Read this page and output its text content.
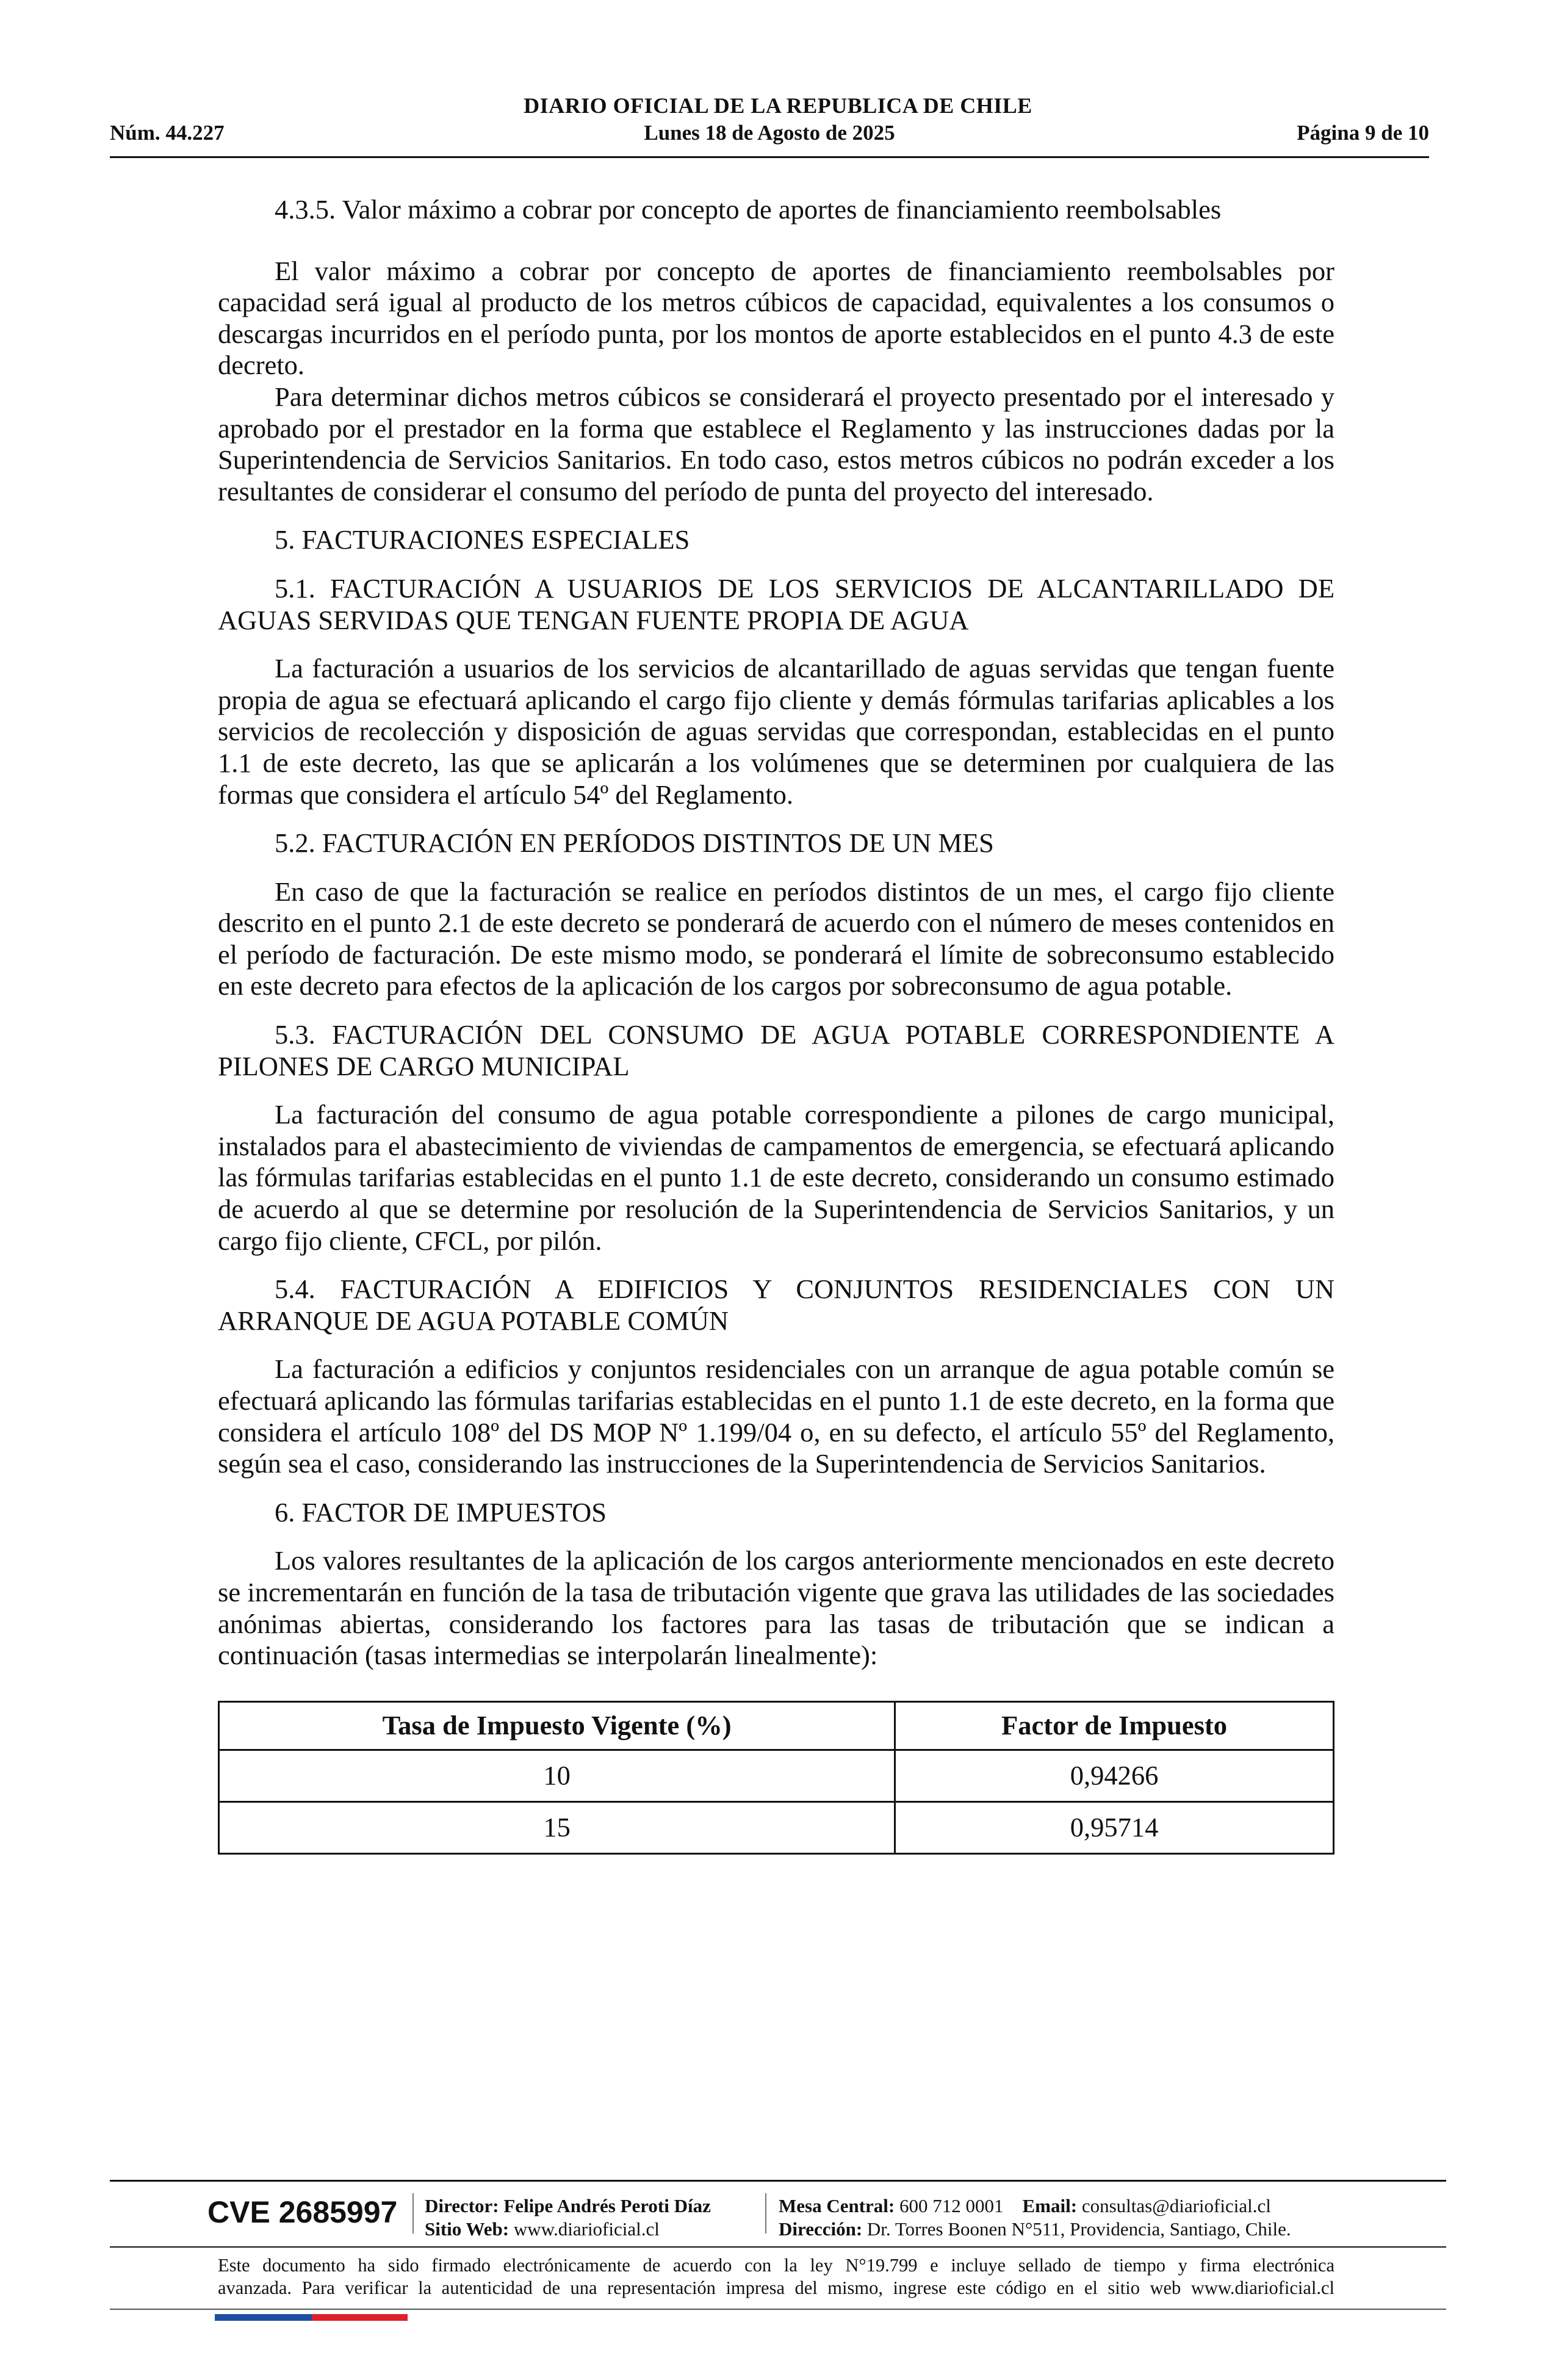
DIARIO OFICIAL DE LA REPUBLICA DE CHILE
Lunes 18 de Agosto de 2025
Núm. 44.227	Página 9 de 10

4.3.5. Valor máximo a cobrar por concepto de aportes de financiamiento reembolsables

El valor máximo a cobrar por concepto de aportes de financiamiento reembolsables por capacidad será igual al producto de los metros cúbicos de capacidad, equivalentes a los consumos o descargas incurridos en el período punta, por los montos de aporte establecidos en el punto 4.3 de este decreto.

Para determinar dichos metros cúbicos se considerará el proyecto presentado por el interesado y aprobado por el prestador en la forma que establece el Reglamento y las instrucciones dadas por la Superintendencia de Servicios Sanitarios. En todo caso, estos metros cúbicos no podrán exceder a los resultantes de considerar el consumo del período de punta del proyecto del interesado.

5. FACTURACIONES ESPECIALES

5.1. FACTURACIÓN A USUARIOS DE LOS SERVICIOS DE ALCANTARILLADO DE AGUAS SERVIDAS QUE TENGAN FUENTE PROPIA DE AGUA

La facturación a usuarios de los servicios de alcantarillado de aguas servidas que tengan fuente propia de agua se efectuará aplicando el cargo fijo cliente y demás fórmulas tarifarias aplicables a los servicios de recolección y disposición de aguas servidas que correspondan, establecidas en el punto 1.1 de este decreto, las que se aplicarán a los volúmenes que se determinen por cualquiera de las formas que considera el artículo 54º del Reglamento.

5.2. FACTURACIÓN EN PERÍODOS DISTINTOS DE UN MES

En caso de que la facturación se realice en períodos distintos de un mes, el cargo fijo cliente descrito en el punto 2.1 de este decreto se ponderará de acuerdo con el número de meses contenidos en el período de facturación. De este mismo modo, se ponderará el límite de sobreconsumo establecido en este decreto para efectos de la aplicación de los cargos por sobreconsumo de agua potable.

5.3. FACTURACIÓN DEL CONSUMO DE AGUA POTABLE CORRESPONDIENTE A PILONES DE CARGO MUNICIPAL

La facturación del consumo de agua potable correspondiente a pilones de cargo municipal, instalados para el abastecimiento de viviendas de campamentos de emergencia, se efectuará aplicando las fórmulas tarifarias establecidas en el punto 1.1 de este decreto, considerando un consumo estimado de acuerdo al que se determine por resolución de la Superintendencia de Servicios Sanitarios, y un cargo fijo cliente, CFCL, por pilón.

5.4. FACTURACIÓN A EDIFICIOS Y CONJUNTOS RESIDENCIALES CON UN ARRANQUE DE AGUA POTABLE COMÚN

La facturación a edificios y conjuntos residenciales con un arranque de agua potable común se efectuará aplicando las fórmulas tarifarias establecidas en el punto 1.1 de este decreto, en la forma que considera el artículo 108º del DS MOP Nº 1.199/04 o, en su defecto, el artículo 55º del Reglamento, según sea el caso, considerando las instrucciones de la Superintendencia de Servicios Sanitarios.

6. FACTOR DE IMPUESTOS

Los valores resultantes de la aplicación de los cargos anteriormente mencionados en este decreto se incrementarán en función de la tasa de tributación vigente que grava las utilidades de las sociedades anónimas abiertas, considerando los factores para las tasas de tributación que se indican a continuación (tasas intermedias se interpolarán linealmente):

Tasa de Impuesto Vigente (%)	Factor de Impuesto
10	0,94266
15	0,95714
CVE 2685997 Director: Felipe Andrés Peroti Díaz
Sitio Web: www.diarioficial.cl
Mesa Central: 600 712 0001 Email: consultas@diarioficial.cl
Dirección: Dr. Torres Boonen N°511, Providencia, Santiago, Chile.
Este documento ha sido firmado electrónicamente de acuerdo con la ley N°19.799 e incluye sellado de tiempo y firma electrónica
avanzada. Para verificar la autenticidad de una representación impresa del mismo, ingrese este código en el sitio web www.diarioficial.cl
